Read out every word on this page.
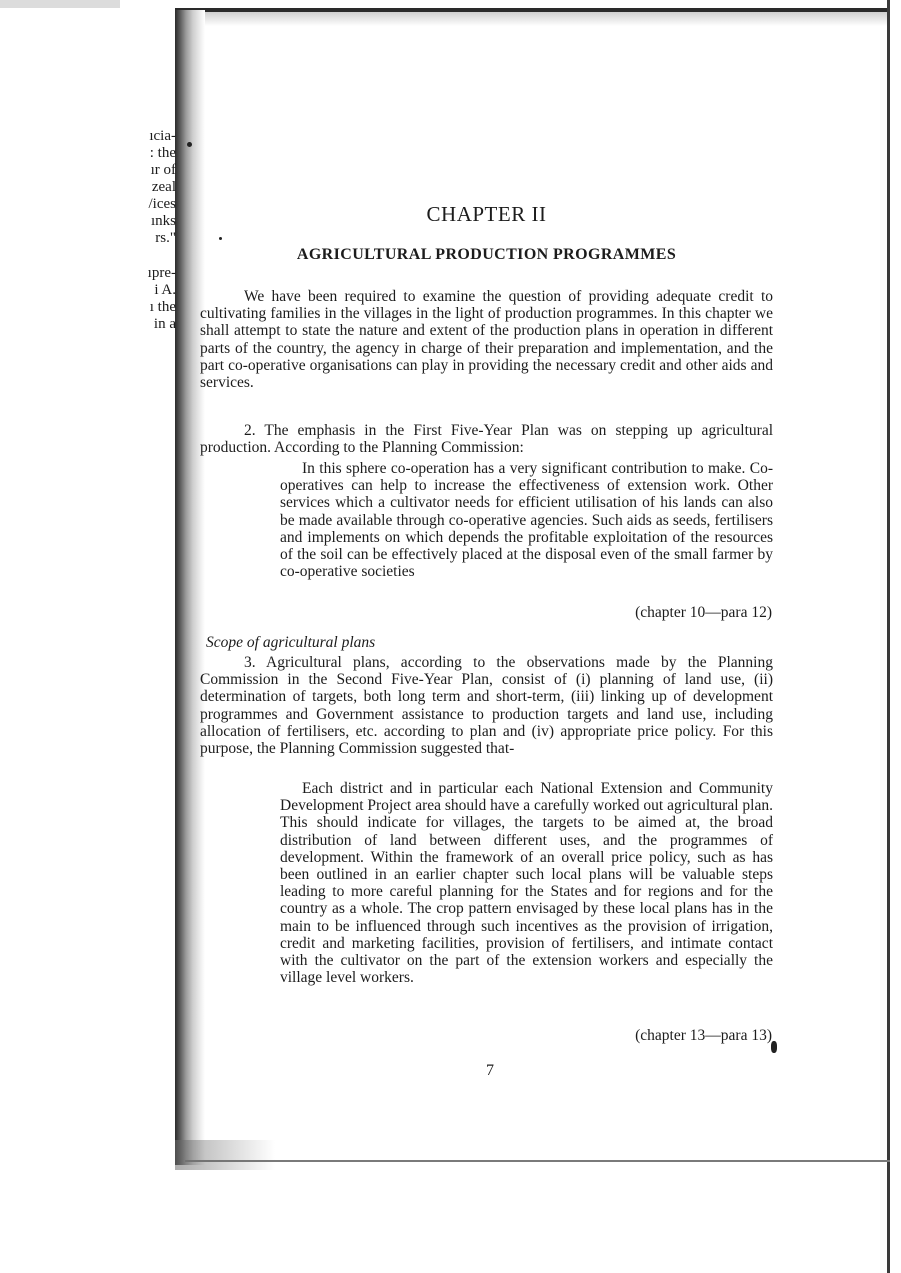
ıcia-
: the
ır of
zeal
/ices
ınks
rs."
ıpre-
i A.
ı the
in a
CHAPTER II
AGRICULTURAL PRODUCTION PROGRAMMES

We have been required to examine the question of providing adequate credit to cultivating families in the villages in the light of production programmes. In this chapter we shall attempt to state the nature and extent of the production plans in operation in different parts of the country, the agency in charge of their preparation and implementation, and the part co-operative organisations can play in providing the necessary credit and other aids and services.

2. The emphasis in the First Five-Year Plan was on stepping up agricultural production. According to the Planning Commission:

In this sphere co-operation has a very significant contribution to make. Co-operatives can help to increase the effectiveness of extension work. Other services which a cultivator needs for efficient utilisation of his lands can also be made available through co-operative agencies. Such aids as seeds, fertilisers and implements on which depends the profitable exploitation of the resources of the soil can be effectively placed at the disposal even of the small farmer by co-operative societies

(chapter 10—para 12)

Scope of agricultural plans

3. Agricultural plans, according to the observations made by the Planning Commission in the Second Five-Year Plan, consist of (i) planning of land use, (ii) determination of targets, both long term and short-term, (iii) linking up of development programmes and Government assistance to production targets and land use, including allocation of fertilisers, etc. according to plan and (iv) appropriate price policy. For this purpose, the Planning Commission suggested that-

Each district and in particular each National Extension and Community Development Project area should have a carefully worked out agricultural plan. This should indicate for villages, the targets to be aimed at, the broad distribution of land between different uses, and the programmes of development. Within the framework of an overall price policy, such as has been outlined in an earlier chapter such local plans will be valuable steps leading to more careful planning for the States and for regions and for the country as a whole. The crop pattern envisaged by these local plans has in the main to be influenced through such incentives as the provision of irrigation, credit and marketing facilities, provision of fertilisers, and intimate contact with the cultivator on the part of the extension workers and especially the village level workers.

(chapter 13—para 13)

7
